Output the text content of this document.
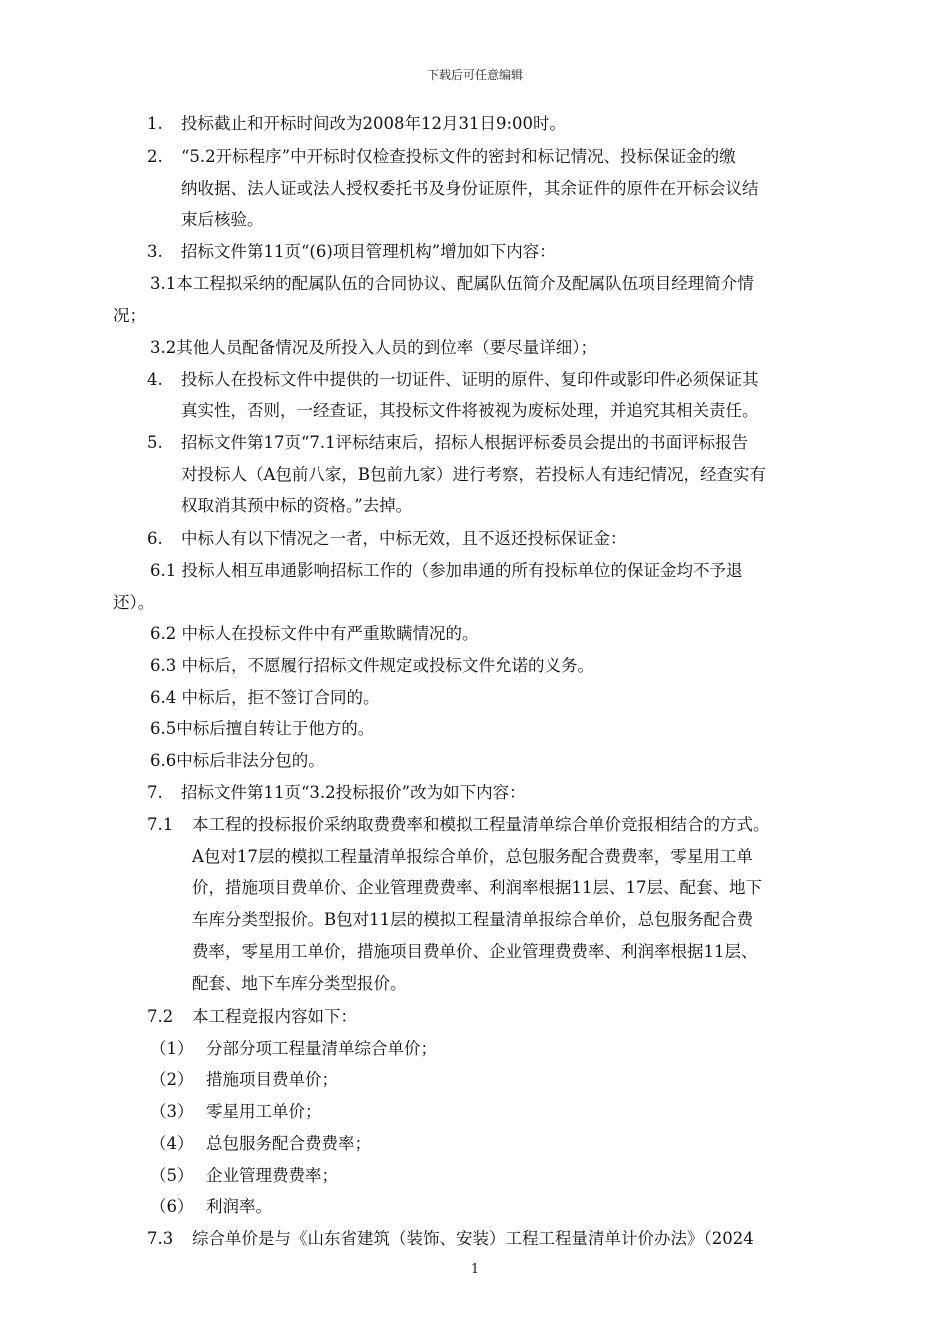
下载后可任意编辑
1. 投标截止和开标时间改为2008年12月31日9:00时。
2. “5.2开标程序”中开标时仅检查投标文件的密封和标记情况、投标保证金的缴
纳收据、法人证或法人授权委托书及身份证原件，其余证件的原件在开标会议结
束后核验。
3. 招标文件第11页“(6)项目管理机构”增加如下内容：
3.1本工程拟采纳的配属队伍的合同协议、配属队伍简介及配属队伍项目经理简介情
况；
3.2其他人员配备情况及所投入人员的到位率（要尽量详细）；
4. 投标人在投标文件中提供的一切证件、证明的原件、复印件或影印件必须保证其
真实性，否则，一经查证，其投标文件将被视为废标处理，并追究其相关责任。
5. 招标文件第17页“7.1评标结束后，招标人根据评标委员会提出的书面评标报告
对投标人（A包前八家，B包前九家）进行考察，若投标人有违纪情况，经查实有
权取消其预中标的资格。”去掉。
6. 中标人有以下情况之一者，中标无效，且不返还投标保证金：
6.1 投标人相互串通影响招标工作的（参加串通的所有投标单位的保证金均不予退
还）。
6.2 中标人在投标文件中有严重欺瞒情况的。
6.3 中标后，不愿履行招标文件规定或投标文件允诺的义务。
6.4 中标后，拒不签订合同的。
6.5中标后擅自转让于他方的。
6.6中标后非法分包的。
7. 招标文件第11页“3.2投标报价”改为如下内容：
7.1 本工程的投标报价采纳取费费率和模拟工程量清单综合单价竞报相结合的方式。
A包对17层的模拟工程量清单报综合单价，总包服务配合费费率，零星用工单
价，措施项目费单价、企业管理费费率、利润率根据11层、17层、配套、地下
车库分类型报价。B包对11层的模拟工程量清单报综合单价，总包服务配合费
费率，零星用工单价，措施项目费单价、企业管理费费率、利润率根据11层、
配套、地下车库分类型报价。
7.2 本工程竞报内容如下：
（1） 分部分项工程量清单综合单价；
（2） 措施项目费单价；
（3） 零星用工单价；
（4） 总包服务配合费费率；
（5） 企业管理费费率；
（6） 利润率。
7.3 综合单价是与《山东省建筑（装饰、安装）工程工程量清单计价办法》（2024
1
